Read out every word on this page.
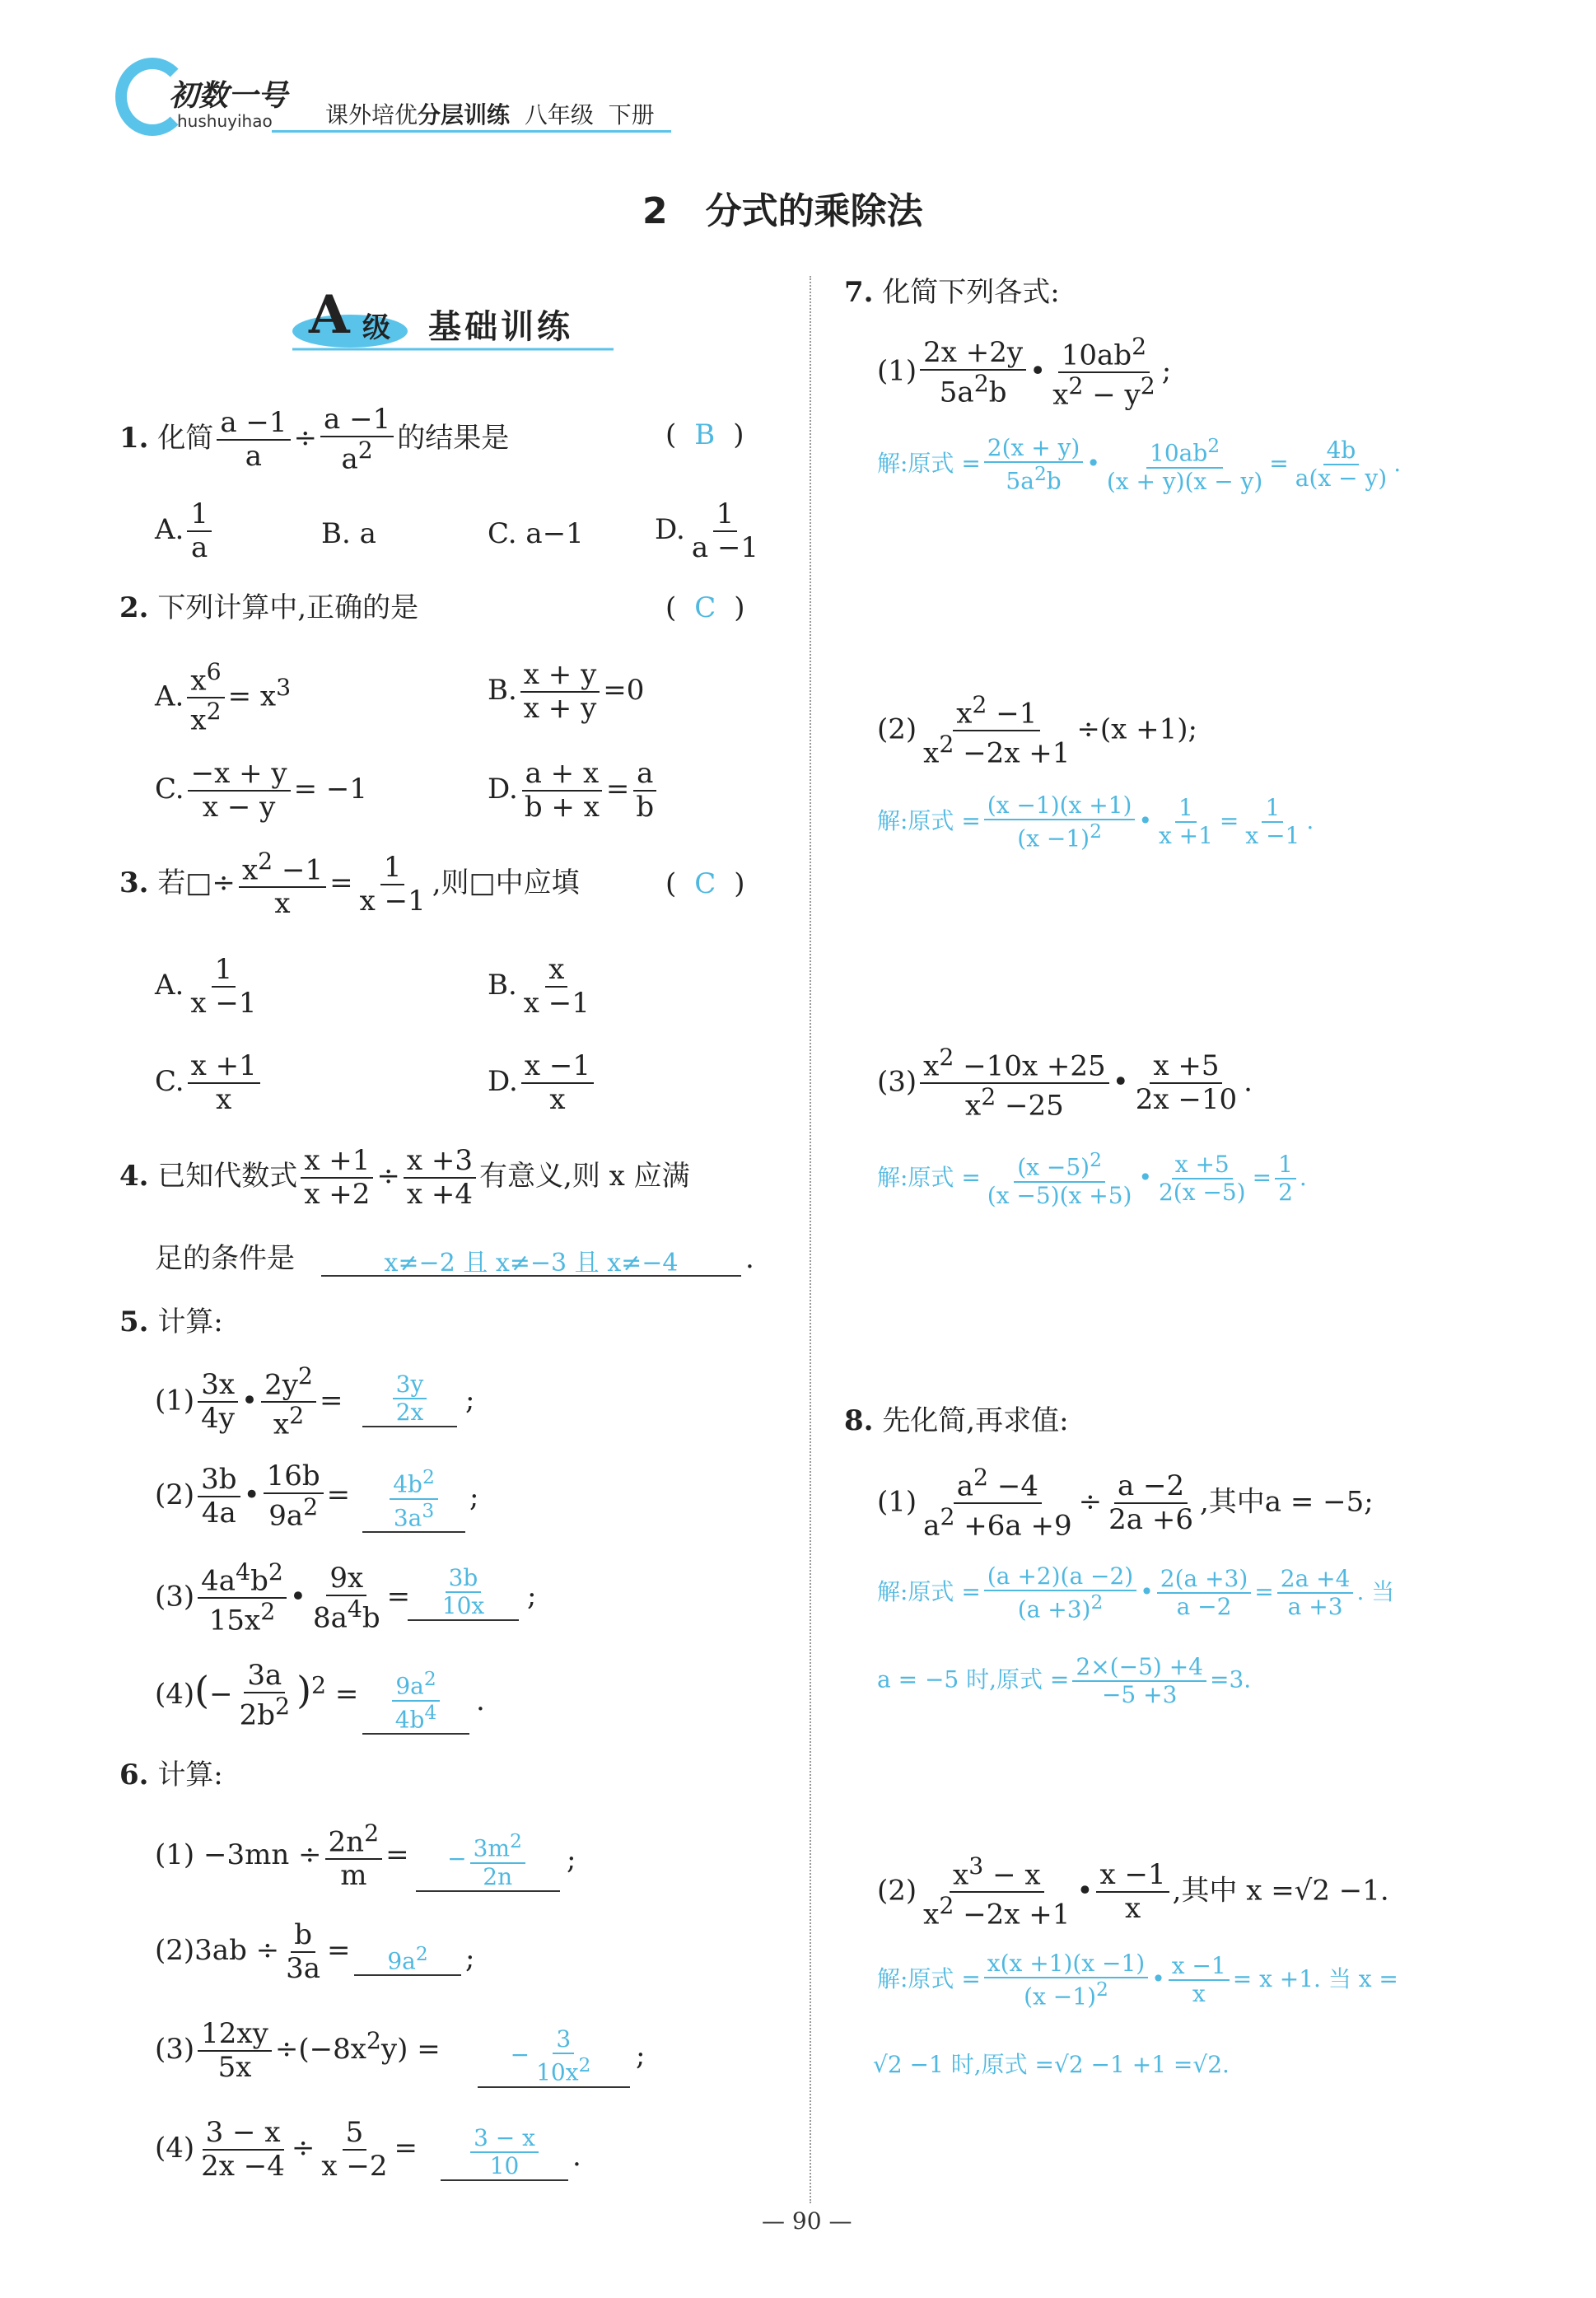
初数一号
hushuyihao 课外培优分层训练 八年级 下册
2 分式的乘除法
A 级 基础训练
1. 化简 $\frac{a -1}{a} \div \frac{a -1}{a^2}$ 的结果是	( B )
A. $\frac{1}{a}$	B. a	C. a−1	D. $\frac{1}{a -1}$
2. 下列计算中,正确的是	( C )
A. $\frac{x^6}{x^2} = x^3$	B. $\frac{x + y}{x + y} =0$
C. $\frac{-x + y}{x - y} = -1$	D. $\frac{a + x}{b + x} = \frac{a}{b}$
3. 若□÷ $\frac{x^2 -1}{x} = \frac{1}{x -1}$ ,则□中应填	( C )
A. $\frac{1}{x -1}$	B. $\frac{x}{x -1}$
C. $\frac{x +1}{x}$	D. $\frac{x -1}{x}$
4. 已知代数式 $\frac{x +1}{x +2} \div \frac{x +3}{x +4}$ 有意义,则 x 应满
足的条件是	x≠−2 且 x≠−3 且 x≠−4	.
5. 计算:
$(1) \frac{3x}{4y}$ • $\frac{2y^2}{x^2} = \frac{3y}{2x}$ ;
$(2) \frac{3b}{4a}$ • $\frac{16b}{9a^2} = \frac{4b^2}{3a^3}$ ;
$(3) \frac{4a^4b^2}{15x^2}$ • $\frac{9x}{8a^4b} = \frac{3b}{10x}$ ;
$(4)(- \frac{3a}{2b^2} )^2 = \frac{9a^2}{4b^4}$ .
6. 计算:
$(1) -3mn \div \frac{2n^2}{m}$ =	− $\frac{3m^2}{2n}$ ;
$(2)3ab \div \frac{b}{3a}$ =	$9a^2$	;
$(3) \frac{12xy}{5x} \div(-8x^2y)$ =	− $\frac{3}{10x^2}$ ;
$(4) \frac{3 - x}{2x -4} \div \frac{5}{x -2} = \frac{3 - x}{10}$ .
7. 化简下列各式:
$(1) \frac{2x +2y}{5a^2b}$ • $\frac{10ab^2}{x^2 - y^2}$ ;
解:原式 = $\frac{2(x + y)}{5a^2b}$ • $\frac{10ab^2}{(x + y)(x - y)} = \frac{4b}{a(x - y)}$ .
$(2) \frac{x^2 -1}{x^2 -2x +1} \div(x +1)$;
解:原式 = $\frac{(x -1)(x +1)}{(x -1)^2}$ • $\frac{1}{x +1} = \frac{1}{x -1}$ .
$(3) \frac{x^2 -10x +25}{x^2 -25}$ • $\frac{x +5}{2x -10}$ .
解:原式 = $\frac{(x -5)^2}{(x -5)(x +5)}$ • $\frac{x +5}{2(x -5)} = \frac{1}{2}$ .
8. 先化简,再求值:
$(1) \frac{a^2 -4}{a^2 +6a +9} \div \frac{a -2}{2a +6}$ ,其中a = −5;
解:原式 = $\frac{(a +2)(a -2)}{(a +3)^2}$ • $\frac{2(a +3)}{a -2} = \frac{2a +4}{a +3}$ . 当
a = −5 时,原式 = $\frac{2\times(-5) +4}{-5 +3} =3$.
$(2) \frac{x^3 - x}{x^2 -2x +1}$ • $\frac{x -1}{x}$ ,其中 x =√2 −1.
解:原式 = $\frac{x(x +1)(x -1)}{(x -1)^2}$ • $\frac{x -1}{x} = x +1$. 当 x =
√2 −1 时,原式 =√2 −1 +1 =√2.
— 90 —
